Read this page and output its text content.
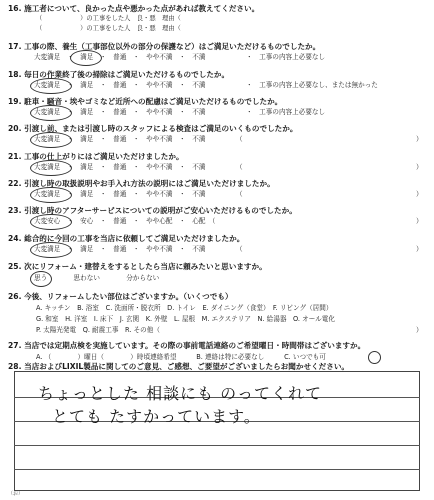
16. 施工者について、良かった点や悪かった点があれば教えてください。
（　　　　　　）の工事をした人　良・悪　理由（
（　　　　　　）の工事をした人　良・悪　理由（
17. 工事の際、養生（工事部位以外の部分の保護など）はご満足いただけるものでしたか。
大変満足　・　満足　・　普通　・　やや不満　・　不満	・　工事の内容上必要なし
18. 毎日の作業終了後の掃除はご満足いただけるものでしたか。
大変満足　・　満足　・　普通　・　やや不満　・　不満	・　工事の内容上必要なし、または無かった
19. 駐車・騒音・埃やゴミなど近所への配慮はご満足いただけるものでしたか。
大変満足　・　満足　・　普通　・　やや不満　・　不満	・　工事の内容上必要なし
20. 引渡し前、または引渡し時のスタッフによる検査はご満足のいくものでしたか。
大変満足　・　満足　・　普通　・　やや不満　・　不満	（	）
21. 工事の仕上がりにはご満足いただけましたか。
大変満足　・　満足　・　普通　・　やや不満　・　不満	（	）
22. 引渡し時の取扱説明やお手入れ方法の説明にはご満足いただけましたか。
大変満足　・　満足　・　普通　・　やや不満　・　不満	（	）
23. 引渡し時のアフターサービスについての説明がご安心いただけるものでしたか。
大変安心　・　安心　・　普通　・　やや心配　・　心配　（	）
24. 総合的に今回の工事を当店に依頼してご満足いただけましたか。
大変満足　・　満足　・　普通　・　やや不満　・　不満	（	）
25. 次にリフォーム・建替えをするとしたら当店に頼みたいと思いますか。
思う　　　　思わない　　　　分からない
26. 今後、リフォームしたい部位はございますか。（いくつでも）
A. キッチン　B. 浴室　C. 洗面所・脱衣所　D. トイレ　E. ダイニング（食堂）　F. リビング（居間）
G. 和室　H. 洋室　I. 床下　J. 玄関　K. 外壁　L. 屋根　M. エクステリア　N. 給湯器　O. オール電化
P. 太陽光発電　Q. 耐震工事　R. その他（	）
27. 当店では定期点検を実施しています。その際の事前電話連絡のご希望曜日・時間帯はございますか。
A. （　　　　）曜日（　　　　）時頃連絡希望　　　B. 連絡は特に必要なし　　　C. いつでも可
28. 当店およびLIXIL製品に関してのご意見、ご感想、ご要望がございましたらお聞かせください。
ちょっとした 相談にも のってくれて
とても たすかっています。
（お）
